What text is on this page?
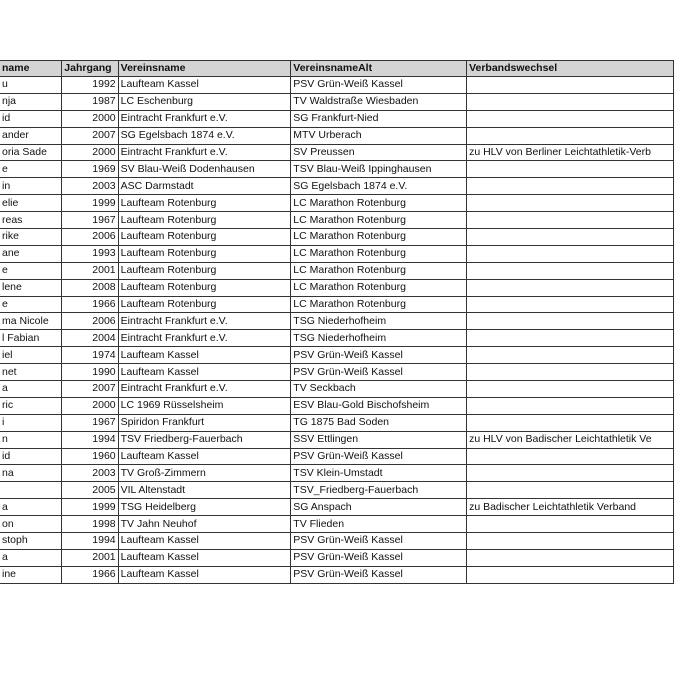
name	Jahrgang	Vereinsname	VereinsnameAlt	Verbandswechsel
u	1992	Laufteam Kassel	PSV Grün-Weiß Kassel	
nja	1987	LC Eschenburg	TV Waldstraße Wiesbaden	
id	2000	Eintracht Frankfurt e.V.	SG Frankfurt-Nied	
ander	2007	SG Egelsbach 1874 e.V.	MTV Urberach	
oria Sade	2000	Eintracht Frankfurt e.V.	SV Preussen	zu HLV von Berliner Leichtathletik-Verb
e	1969	SV Blau-Weiß Dodenhausen	TSV Blau-Weiß Ippinghausen	
in	2003	ASC Darmstadt	SG Egelsbach 1874 e.V.	
elie	1999	Laufteam Rotenburg	LC Marathon Rotenburg	
reas	1967	Laufteam Rotenburg	LC Marathon Rotenburg	
rike	2006	Laufteam Rotenburg	LC Marathon Rotenburg	
ane	1993	Laufteam Rotenburg	LC Marathon Rotenburg	
e	2001	Laufteam Rotenburg	LC Marathon Rotenburg	
lene	2008	Laufteam Rotenburg	LC Marathon Rotenburg	
e	1966	Laufteam Rotenburg	LC Marathon Rotenburg	
ma Nicole	2006	Eintracht Frankfurt e.V.	TSG Niederhofheim	
l Fabian	2004	Eintracht Frankfurt e.V.	TSG Niederhofheim	
iel	1974	Laufteam Kassel	PSV Grün-Weiß Kassel	
net	1990	Laufteam Kassel	PSV Grün-Weiß Kassel	
a	2007	Eintracht Frankfurt e.V.	TV Seckbach	
ric	2000	LC 1969 Rüsselsheim	ESV Blau-Gold Bischofsheim	
i	1967	Spiridon Frankfurt	TG 1875 Bad Soden	
n	1994	TSV Friedberg-Fauerbach	SSV Ettlingen	zu HLV von Badischer Leichtathletik Ve
id	1960	Laufteam Kassel	PSV Grün-Weiß Kassel	
na	2003	TV Groß-Zimmern	TSV Klein-Umstadt	
	2005	VIL Altenstadt	TSV_Friedberg-Fauerbach	
a	1999	TSG Heidelberg	SG Anspach	zu Badischer Leichtathletik Verband
on	1998	TV Jahn Neuhof	TV Flieden	
stoph	1994	Laufteam Kassel	PSV Grün-Weiß Kassel	
a	2001	Laufteam Kassel	PSV Grün-Weiß Kassel	
ine	1966	Laufteam Kassel	PSV Grün-Weiß Kassel	
